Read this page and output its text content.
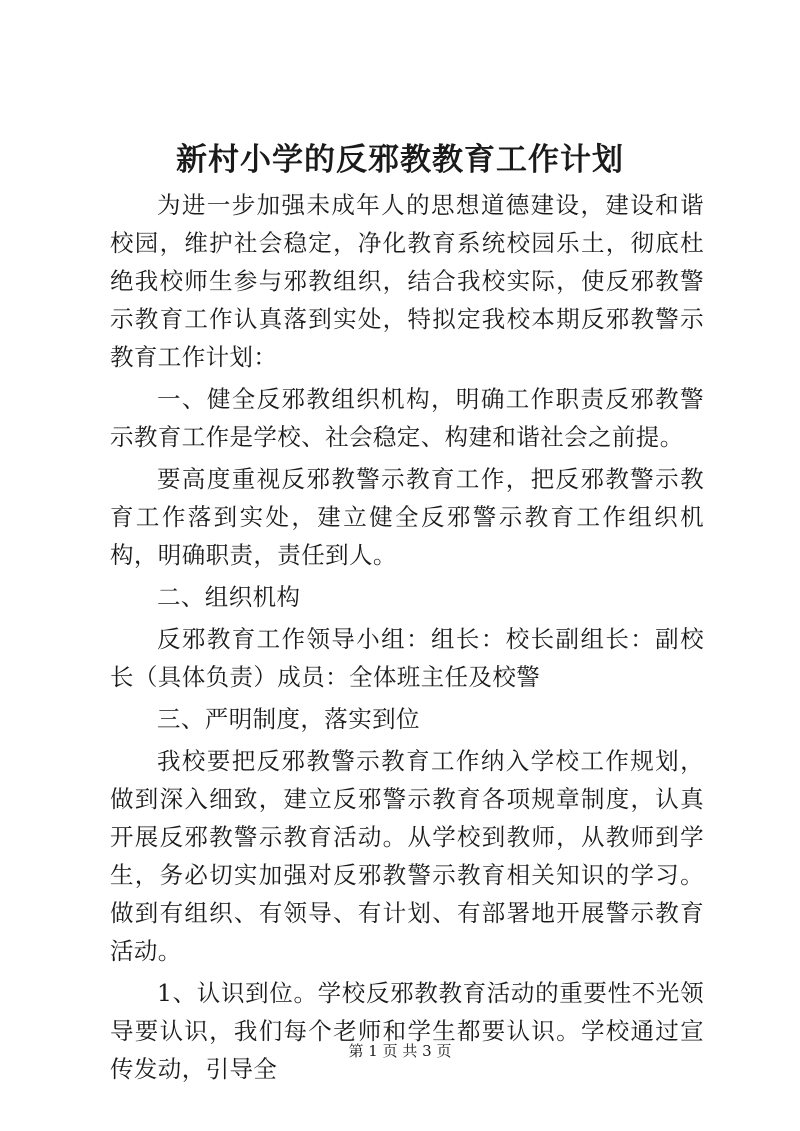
新村小学的反邪教教育工作计划

为进一步加强未成年人的思想道德建设，建设和谐校园，维护社会稳定，净化教育系统校园乐土，彻底杜绝我校师生参与邪教组织，结合我校实际，使反邪教警示教育工作认真落到实处，特拟定我校本期反邪教警示教育工作计划：

一、健全反邪教组织机构，明确工作职责反邪教警示教育工作是学校、社会稳定、构建和谐社会之前提。

要高度重视反邪教警示教育工作，把反邪教警示教育工作落到实处，建立健全反邪警示教育工作组织机构，明确职责，责任到人。

二、组织机构

反邪教育工作领导小组：组长：校长副组长：副校长（具体负责）成员：全体班主任及校警

三、严明制度，落实到位

我校要把反邪教警示教育工作纳入学校工作规划，做到深入细致，建立反邪警示教育各项规章制度，认真开展反邪教警示教育活动。从学校到教师，从教师到学生，务必切实加强对反邪教警示教育相关知识的学习。做到有组织、有领导、有计划、有部署地开展警示教育活动。

1、认识到位。学校反邪教教育活动的重要性不光领导要认识，我们每个老师和学生都要认识。学校通过宣传发动，引导全

第 1 页 共 3 页
